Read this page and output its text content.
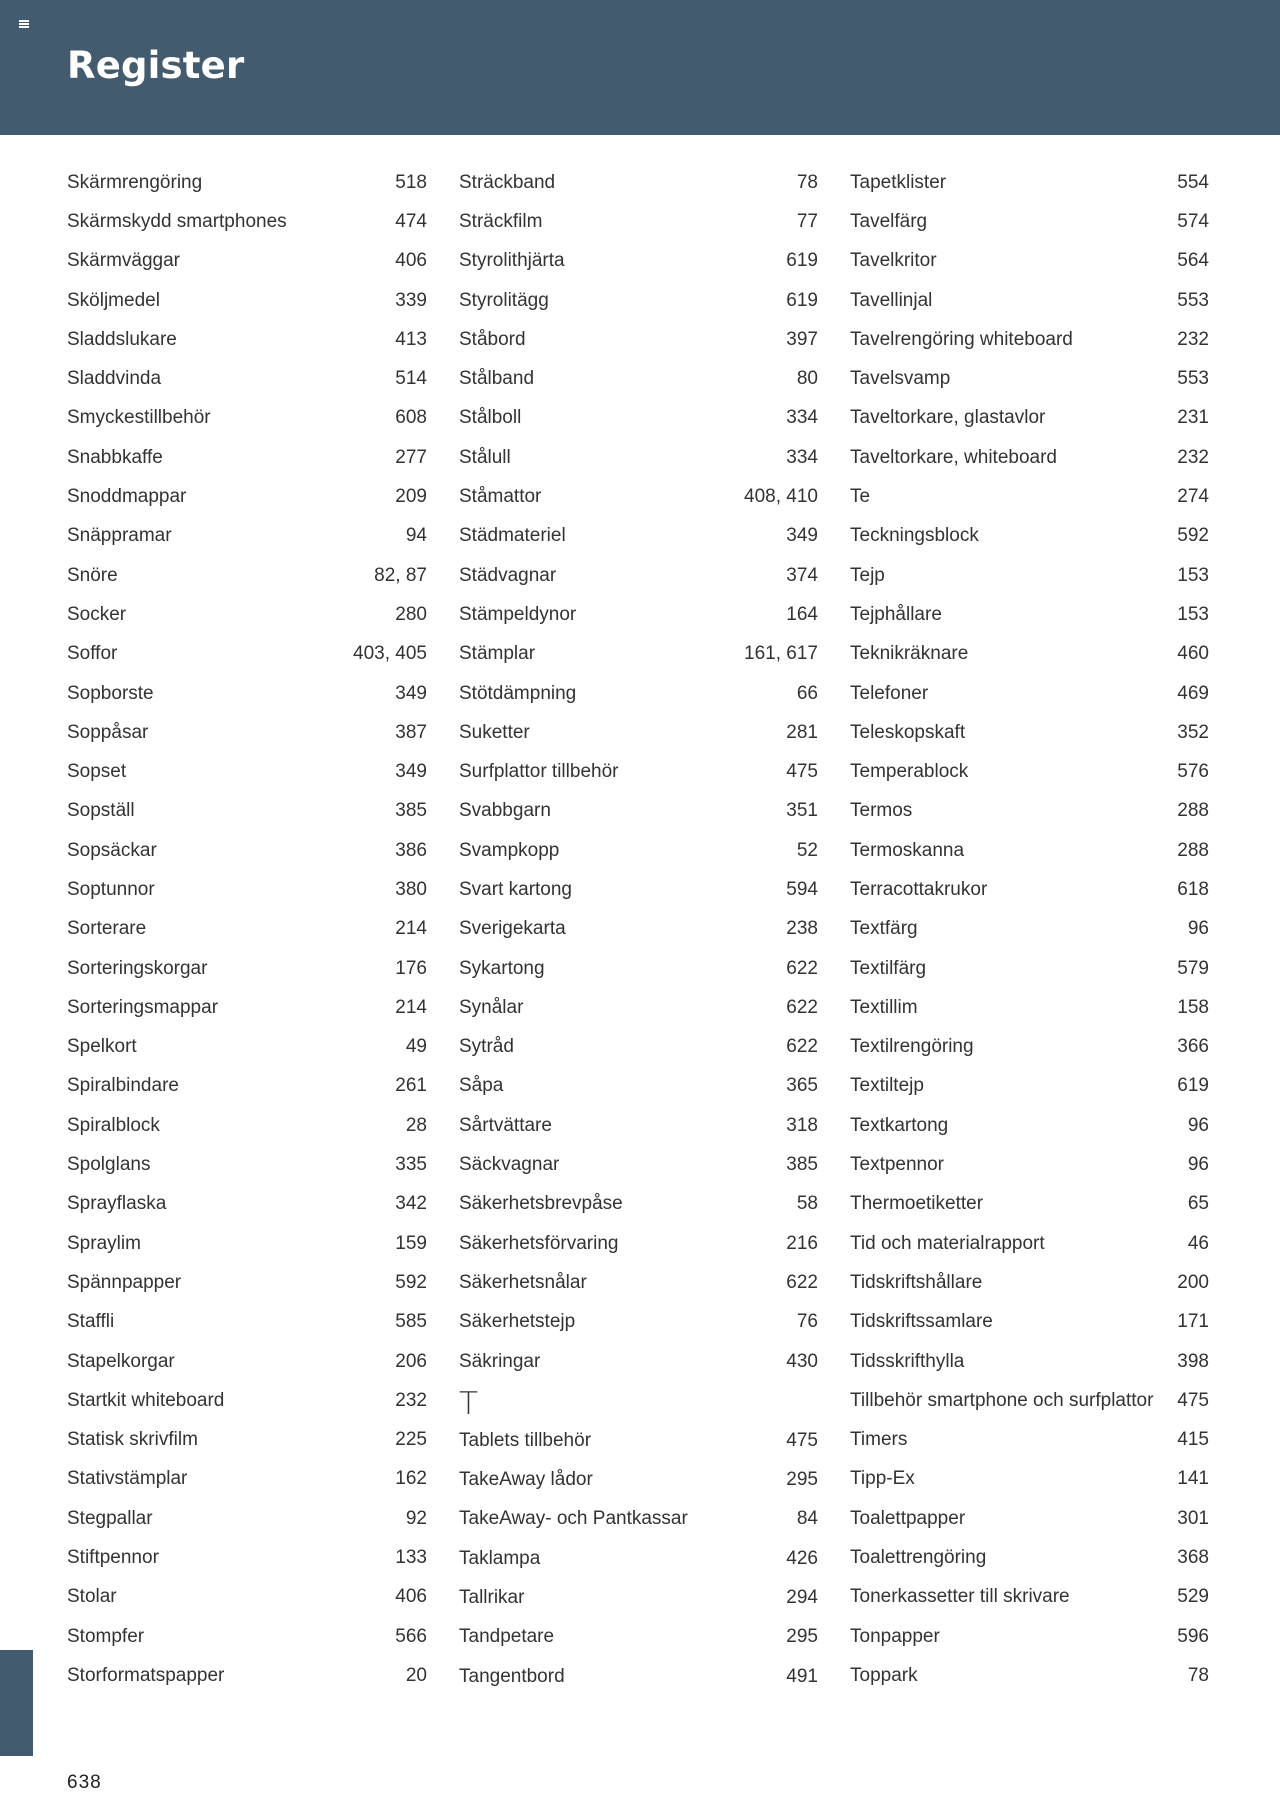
Register
Skärmrengöring	518
Skärmskydd smartphones	474
Skärmväggar	406
Sköljmedel	339
Sladdslukare	413
Sladdvinda	514
Smyckestillbehör	608
Snabbkaffe	277
Snoddmappar	209
Snäppramar	94
Snöre	82, 87
Socker	280
Soffor	403, 405
Sopborste	349
Soppåsar	387
Sopset	349
Sopställ	385
Sopsäckar	386
Soptunnor	380
Sorterare	214
Sorteringskorgar	176
Sorteringsmappar	214
Spelkort	49
Spiralbindare	261
Spiralblock	28
Spolglans	335
Sprayflaska	342
Spraylim	159
Spännpapper	592
Staffli	585
Stapelkorgar	206
Startkit whiteboard	232
Statisk skrivfilm	225
Stativstämplar	162
Stegpallar	92
Stiftpennor	133
Stolar	406
Stompfer	566
Storformatspapper	20
Sträckband	78
Sträckfilm	77
Styrolithjärta	619
Styrolitägg	619
Ståbord	397
Stålband	80
Stålboll	334
Stålull	334
Ståmattor	408, 410
Städmateriel	349
Städvagnar	374
Stämpeldynor	164
Stämplar	161, 617
Stötdämpning	66
Suketter	281
Surfplattor tillbehör	475
Svabbgarn	351
Svampkopp	52
Svart kartong	594
Sverigekarta	238
Sykartong	622
Synålar	622
Sytråd	622
Såpa	365
Sårtvättare	318
Säckvagnar	385
Säkerhetsbrevpåse	58
Säkerhetsförvaring	216
Säkerhetsnålar	622
Säkerhetstejp	76
Säkringar	430
T
Tablets tillbehör	475
TakeAway lådor	295
TakeAway- och Pantkassar	84
Taklampa	426
Tallrikar	294
Tandpetare	295
Tangentbord	491
Tapetklister	554
Tavelfärg	574
Tavelkritor	564
Tavellinjal	553
Tavelrengöring whiteboard	232
Tavelsvamp	553
Taveltorkare, glastavlor	231
Taveltorkare, whiteboard	232
Te	274
Teckningsblock	592
Tejp	153
Tejphållare	153
Teknikräknare	460
Telefoner	469
Teleskopskaft	352
Temperablock	576
Termos	288
Termoskanna	288
Terracottakrukor	618
Textfärg	96
Textilfärg	579
Textillim	158
Textilrengöring	366
Textiltejp	619
Textkartong	96
Textpennor	96
Thermoetiketter	65
Tid och materialrapport	46
Tidskriftshållare	200
Tidskriftssamlare	171
Tidsskrifthylla	398
Tillbehör smartphone och surfplattor 475
Timers	415
Tipp-Ex	141
Toalettpapper	301
Toalettrengöring	368
Tonerkassetter till skrivare	529
Tonpapper	596
Toppark	78
638
